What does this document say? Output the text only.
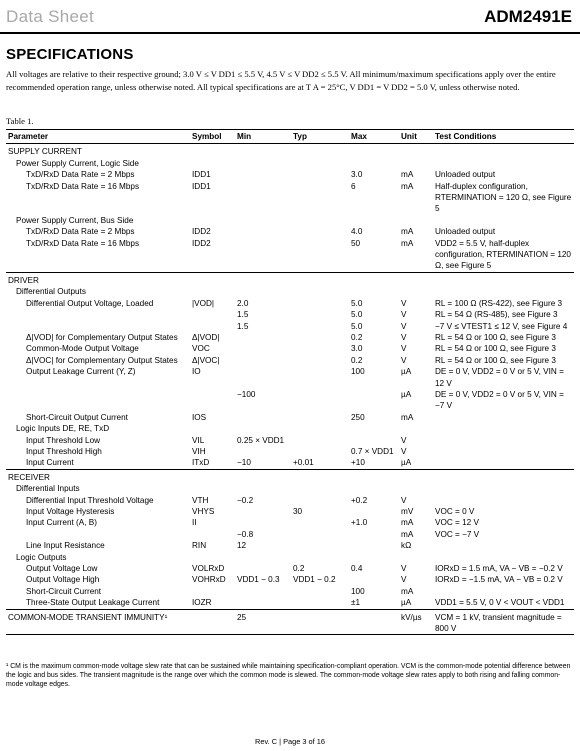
Data Sheet	ADM2491E
SPECIFICATIONS
All voltages are relative to their respective ground; 3.0 V ≤ V DD1 ≤ 5.5 V, 4.5 V ≤ V DD2 ≤ 5.5 V. All minimum/maximum specifications apply over the entire recommended operation range, unless otherwise noted. All typical specifications are at T A = 25°C, V DD1 = V DD2 = 5.0 V, unless otherwise noted.
Table 1.
Parameter	Symbol	Min	Typ	Max	Unit	Test Conditions
SUPPLY CURRENT						
Power Supply Current, Logic Side						
TxD/RxD Data Rate = 2 Mbps	IDD1			3.0	mA	Unloaded output
TxD/RxD Data Rate = 16 Mbps	IDD1			6	mA	Half-duplex configuration, RTERMINATION = 120 Ω, see Figure 5
Power Supply Current, Bus Side						
TxD/RxD Data Rate = 2 Mbps	IDD2			4.0	mA	Unloaded output
TxD/RxD Data Rate = 16 Mbps	IDD2			50	mA	VDD2 = 5.5 V, half-duplex configuration, RTERMINATION = 120 Ω, see Figure 5
DRIVER						
Differential Outputs						
Differential Output Voltage, Loaded	|VOD|	2.0		5.0	V	RL = 100 Ω (RS-422), see Figure 3
		1.5		5.0	V	RL = 54 Ω (RS-485), see Figure 3
		1.5		5.0	V	−7 V ≤ VTEST1 ≤ 12 V, see Figure 4
Δ|VOD| for Complementary Output States	Δ|VOD|			0.2	V	RL = 54 Ω or 100 Ω, see Figure 3
Common-Mode Output Voltage	VOC			3.0	V	RL = 54 Ω or 100 Ω, see Figure 3
Δ|VOC| for Complementary Output States	Δ|VOC|			0.2	V	RL = 54 Ω or 100 Ω, see Figure 3
Output Leakage Current (Y, Z)	IO			100	µA	DE = 0 V, VDD2 = 0 V or 5 V, VIN = 12 V
		−100			µA	DE = 0 V, VDD2 = 0 V or 5 V, VIN = −7 V
Short-Circuit Output Current	IOS			250	mA	
Logic Inputs DE, RE, TxD						
Input Threshold Low	VIL	0.25 × VDD1			V	
Input Threshold High	VIH			0.7 × VDD1	V	
Input Current	ITxD	−10	+0.01	+10	µA	
RECEIVER						
Differential Inputs						
Differential Input Threshold Voltage	VTH	−0.2		+0.2	V	
Input Voltage Hysteresis	VHYS		30		mV	VOC = 0 V
Input Current (A, B)	II			+1.0	mA	VOC = 12 V
		−0.8			mA	VOC = −7 V
Line Input Resistance	RIN	12			kΩ	
Logic Outputs						
Output Voltage Low	VOLRxD		0.2	0.4	V	IORxD = 1.5 mA, VA − VB = −0.2 V
Output Voltage High	VOHRxD	VDD1 − 0.3	VDD1 − 0.2		V	IORxD = −1.5 mA, VA − VB = 0.2 V
Short-Circuit Current				100	mA	
Three-State Output Leakage Current	IOZR			±1	µA	VDD1 = 5.5 V, 0 V < VOUT < VDD1
COMMON-MODE TRANSIENT IMMUNITY¹		25			kV/µs	VCM = 1 kV, transient magnitude = 800 V
¹ CM is the maximum common-mode voltage slew rate that can be sustained while maintaining specification-compliant operation. VCM is the common-mode potential difference between the logic and bus sides. The transient magnitude is the range over which the common mode is slewed. The common-mode voltage slew rates apply to both rising and falling common-mode voltage edges.
Rev. C | Page 3 of 16
